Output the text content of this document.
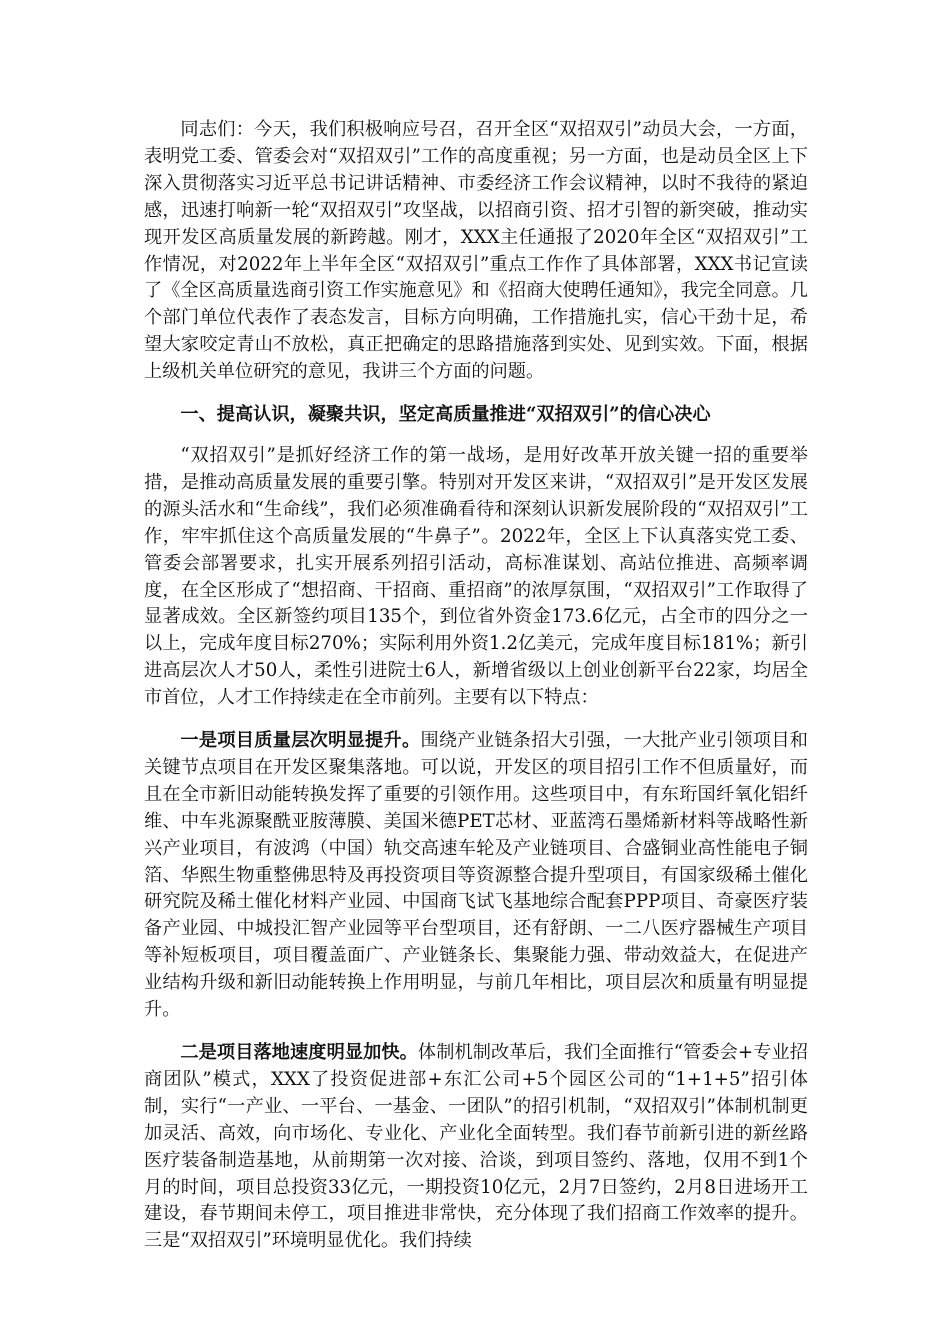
同志们：今天，我们积极响应号召，召开全区“双招双引”动员大会，一方面，表明党工委、管委会对“双招双引”工作的高度重视；另一方面，也是动员全区上下深入贯彻落实习近平总书记讲话精神、市委经济工作会议精神，以时不我待的紧迫感，迅速打响新一轮“双招双引”攻坚战，以招商引资、招才引智的新突破，推动实现开发区高质量发展的新跨越。刚才，XXX主任通报了2020年全区“双招双引”工作情况，对2022年上半年全区“双招双引”重点工作作了具体部署，XXX书记宣读了《全区高质量选商引资工作实施意见》和《招商大使聘任通知》，我完全同意。几个部门单位代表作了表态发言，目标方向明确，工作措施扎实，信心干劲十足，希望大家咬定青山不放松，真正把确定的思路措施落到实处、见到实效。下面，根据上级机关单位研究的意见，我讲三个方面的问题。

一、提高认识，凝聚共识，坚定高质量推进“双招双引”的信心决心

“双招双引”是抓好经济工作的第一战场，是用好改革开放关键一招的重要举措，是推动高质量发展的重要引擎。特别对开发区来讲，“双招双引”是开发区发展的源头活水和“生命线”，我们必须准确看待和深刻认识新发展阶段的“双招双引”工作，牢牢抓住这个高质量发展的“牛鼻子”。2022年，全区上下认真落实党工委、管委会部署要求，扎实开展系列招引活动，高标准谋划、高站位推进、高频率调度，在全区形成了“想招商、干招商、重招商”的浓厚氛围，“双招双引”工作取得了显著成效。全区新签约项目135个，到位省外资金173.6亿元，占全市的四分之一以上，完成年度目标270%；实际利用外资1.2亿美元，完成年度目标181%；新引进高层次人才50人，柔性引进院士6人，新增省级以上创业创新平台22家，均居全市首位，人才工作持续走在全市前列。主要有以下特点：

一是项目质量层次明显提升。围绕产业链条招大引强，一大批产业引领项目和关键节点项目在开发区聚集落地。可以说，开发区的项目招引工作不但质量好，而且在全市新旧动能转换发挥了重要的引领作用。这些项目中，有东珩国纤氧化铝纤维、中车兆源聚酰亚胺薄膜、美国米德PET芯材、亚蓝湾石墨烯新材料等战略性新兴产业项目，有波鸿（中国）轨交高速车轮及产业链项目、合盛铜业高性能电子铜箔、华熙生物重整佛思特及再投资项目等资源整合提升型项目，有国家级稀土催化研究院及稀土催化材料产业园、中国商飞试飞基地综合配套PPP项目、奇豪医疗装备产业园、中城投汇智产业园等平台型项目，还有舒朗、一二八医疗器械生产项目等补短板项目，项目覆盖面广、产业链条长、集聚能力强、带动效益大，在促进产业结构升级和新旧动能转换上作用明显，与前几年相比，项目层次和质量有明显提升。

二是项目落地速度明显加快。体制机制改革后，我们全面推行“管委会+专业招商团队”模式，XXX了投资促进部+东汇公司+5个园区公司的“1+1+5”招引体制，实行“一产业、一平台、一基金、一团队”的招引机制，“双招双引”体制机制更加灵活、高效，向市场化、专业化、产业化全面转型。我们春节前新引进的新丝路医疗装备制造基地，从前期第一次对接、洽谈，到项目签约、落地，仅用不到1个月的时间，项目总投资33亿元，一期投资10亿元，2月7日签约，2月8日进场开工建设，春节期间未停工，项目推进非常快，充分体现了我们招商工作效率的提升。三是“双招双引”环境明显优化。我们持续
